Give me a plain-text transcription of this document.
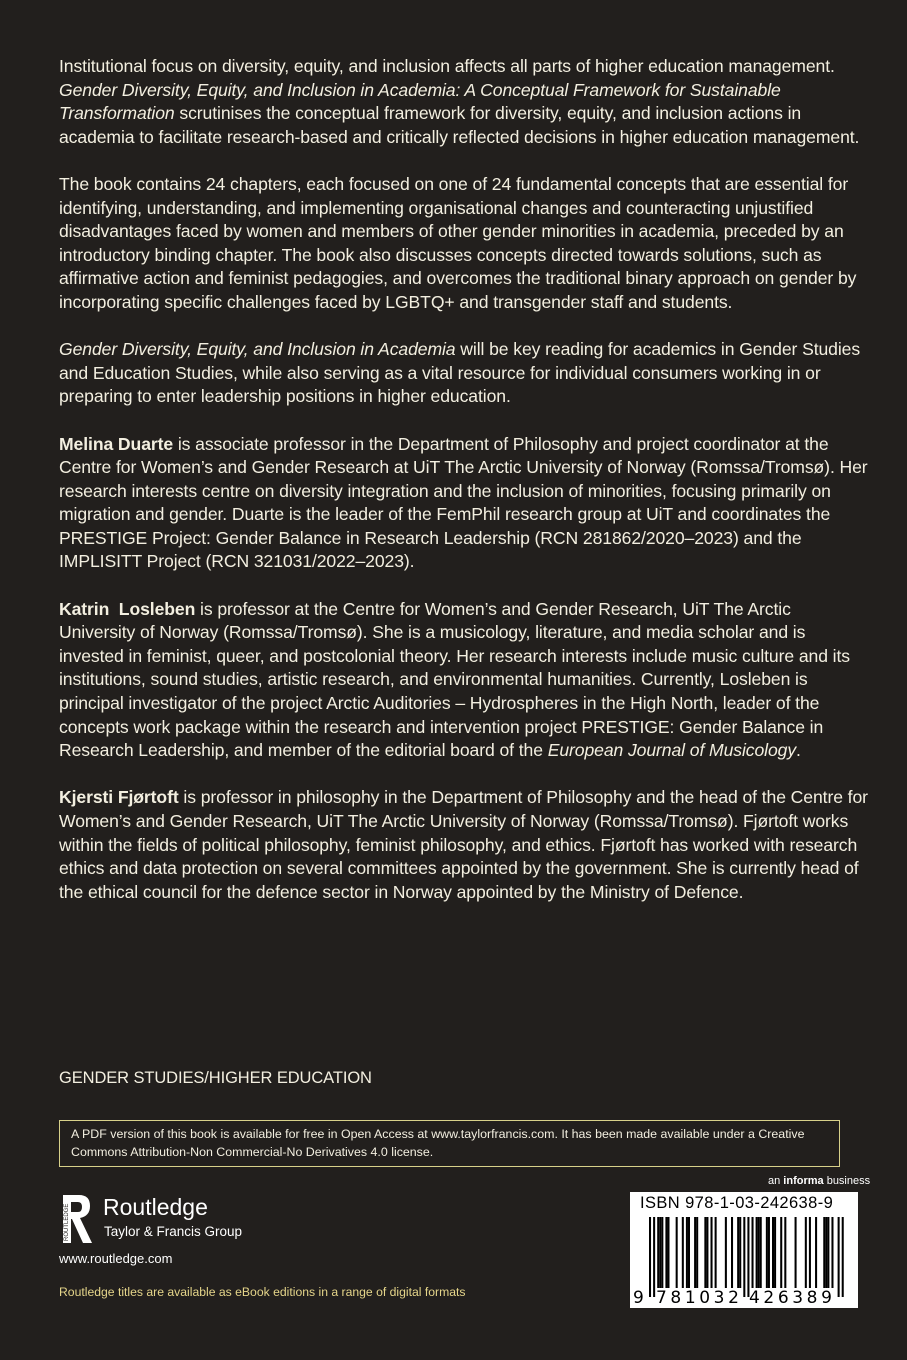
Institutional focus on diversity, equity, and inclusion affects all parts of higher education management. Gender Diversity, Equity, and Inclusion in Academia: A Conceptual Framework for Sustainable Transformation scrutinises the conceptual framework for diversity, equity, and inclusion actions in academia to facilitate research-based and critically reflected decisions in higher education management.

The book contains 24 chapters, each focused on one of 24 fundamental concepts that are essential for identifying, understanding, and implementing organisational changes and counteracting unjustified disadvantages faced by women and members of other gender minorities in academia, preceded by an introductory binding chapter. The book also discusses concepts directed towards solutions, such as affirmative action and feminist pedagogies, and overcomes the traditional binary approach on gender by incorporating specific challenges faced by LGBTQ+ and transgender staff and students.

Gender Diversity, Equity, and Inclusion in Academia will be key reading for academics in Gender Studies and Education Studies, while also serving as a vital resource for individual consumers working in or preparing to enter leadership positions in higher education.

Melina Duarte is associate professor in the Department of Philosophy and project coordinator at the Centre for Women’s and Gender Research at UiT The Arctic University of Norway (Romssa/Tromsø). Her research interests centre on diversity integration and the inclusion of minorities, focusing primarily on migration and gender. Duarte is the leader of the FemPhil research group at UiT and coordinates the PRESTIGE Project: Gender Balance in Research Leadership (RCN 281862/2020–2023) and the IMPLISITT Project (RCN 321031/2022–2023).

Katrin  Losleben is professor at the Centre for Women’s and Gender Research, UiT The Arctic University of Norway (Romssa/Tromsø). She is a musicology, literature, and media scholar and is invested in feminist, queer, and postcolonial theory. Her research interests include music culture and its institutions, sound studies, artistic research, and environmental humanities. Currently, Losleben is principal investigator of the project Arctic Auditories – Hydrospheres in the High North, leader of the concepts work package within the research and intervention project PRESTIGE: Gender Balance in Research Leadership, and member of the editorial board of the European Journal of Musicology.

Kjersti Fjørtoft is professor in philosophy in the Department of Philosophy and the head of the Centre for Women’s and Gender Research, UiT The Arctic University of Norway (Romssa/Tromsø). Fjørtoft works within the fields of political philosophy, feminist philosophy, and ethics. Fjørtoft has worked with research ethics and data protection on several committees appointed by the government. She is currently head of the ethical council for the defence sector in Norway appointed by the Ministry of Defence.

GENDER STUDIES/HIGHER EDUCATION
A PDF version of this book is available for free in Open Access at www.taylorfrancis.com. It has been made available under a Creative Commons Attribution-Non Commercial-No Derivatives 4.0 license.
ROUTLEDGE Routledge
Taylor & Francis Group
www.routledge.com
Routledge titles are available as eBook editions in a range of digital formats
an informa business
ISBN 978-1-03-242638-9
9 781032 426389
